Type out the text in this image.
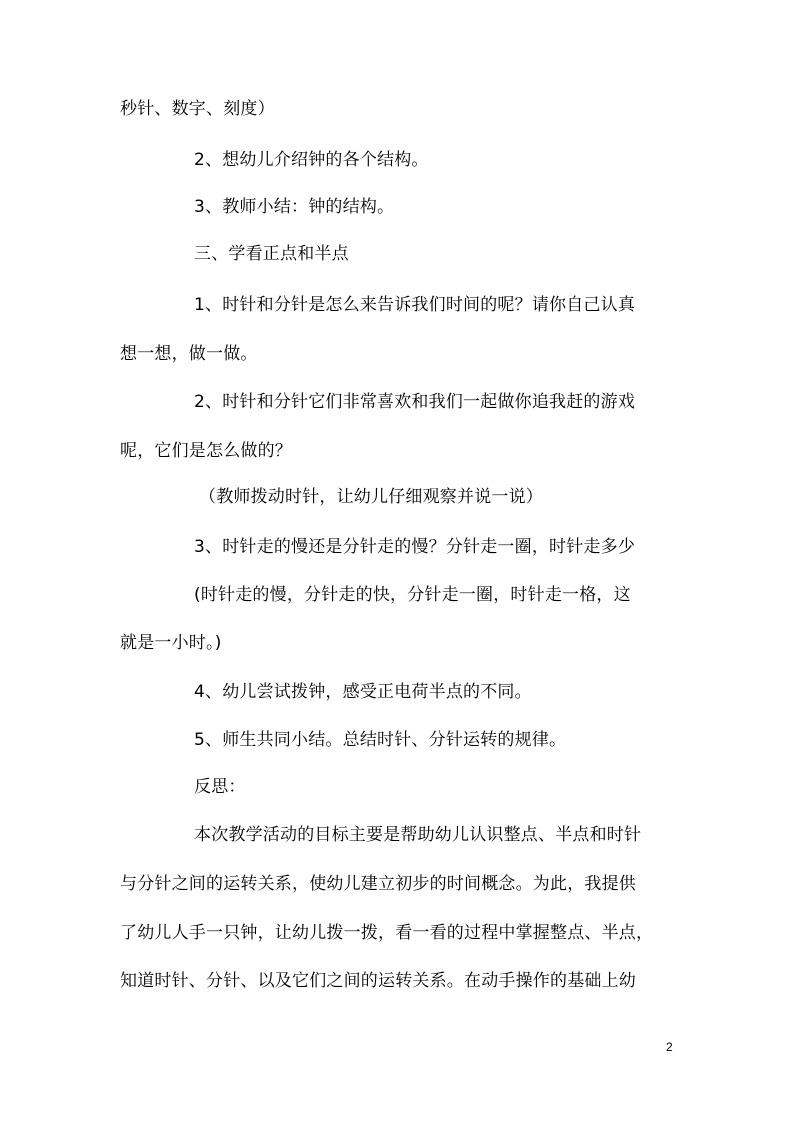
秒针、数字、刻度）
2、想幼儿介绍钟的各个结构。
3、教师小结：钟的结构。
三、学看正点和半点
1、时针和分针是怎么来告诉我们时间的呢？请你自己认真
想一想，做一做。
2、时针和分针它们非常喜欢和我们一起做你追我赶的游戏
呢，它们是怎么做的？
（教师拨动时针，让幼儿仔细观察并说一说）
3、时针走的慢还是分针走的慢？分针走一圈，时针走多少
(时针走的慢，分针走的快，分针走一圈，时针走一格，这
就是一小时。)
4、幼儿尝试拨钟，感受正电荷半点的不同。
5、师生共同小结。总结时针、分针运转的规律。
反思：
本次教学活动的目标主要是帮助幼儿认识整点、半点和时针
与分针之间的运转关系，使幼儿建立初步的时间概念。为此，我提供
了幼儿人手一只钟，让幼儿拨一拨，看一看的过程中掌握整点、半点，
知道时针、分针、以及它们之间的运转关系。在动手操作的基础上幼
2
